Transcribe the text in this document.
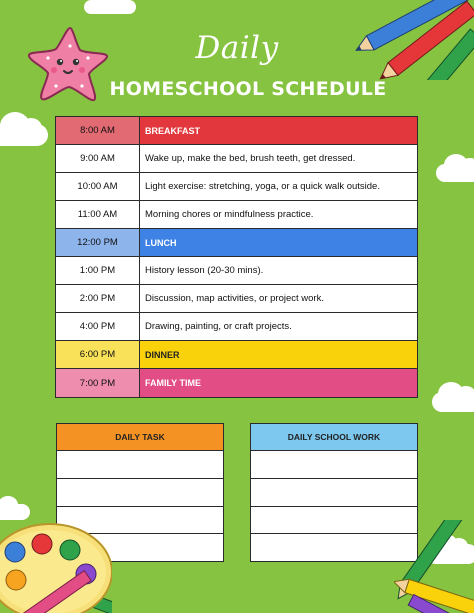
Daily
HOMESCHOOL SCHEDULE
8:00 AM	BREAKFAST
9:00 AM	Wake up, make the bed, brush teeth, get dressed.
10:00 AM	Light exercise: stretching, yoga, or a quick walk outside.
11:00 AM	Morning chores or mindfulness practice.
12:00 PM	LUNCH
1:00 PM	History lesson (20-30 mins).
2:00 PM	Discussion, map activities, or project work.
4:00 PM	Drawing, painting, or craft projects.
6:00 PM	DINNER
7:00 PM	FAMILY TIME
DAILY TASK	DAILY SCHOOL WORK
